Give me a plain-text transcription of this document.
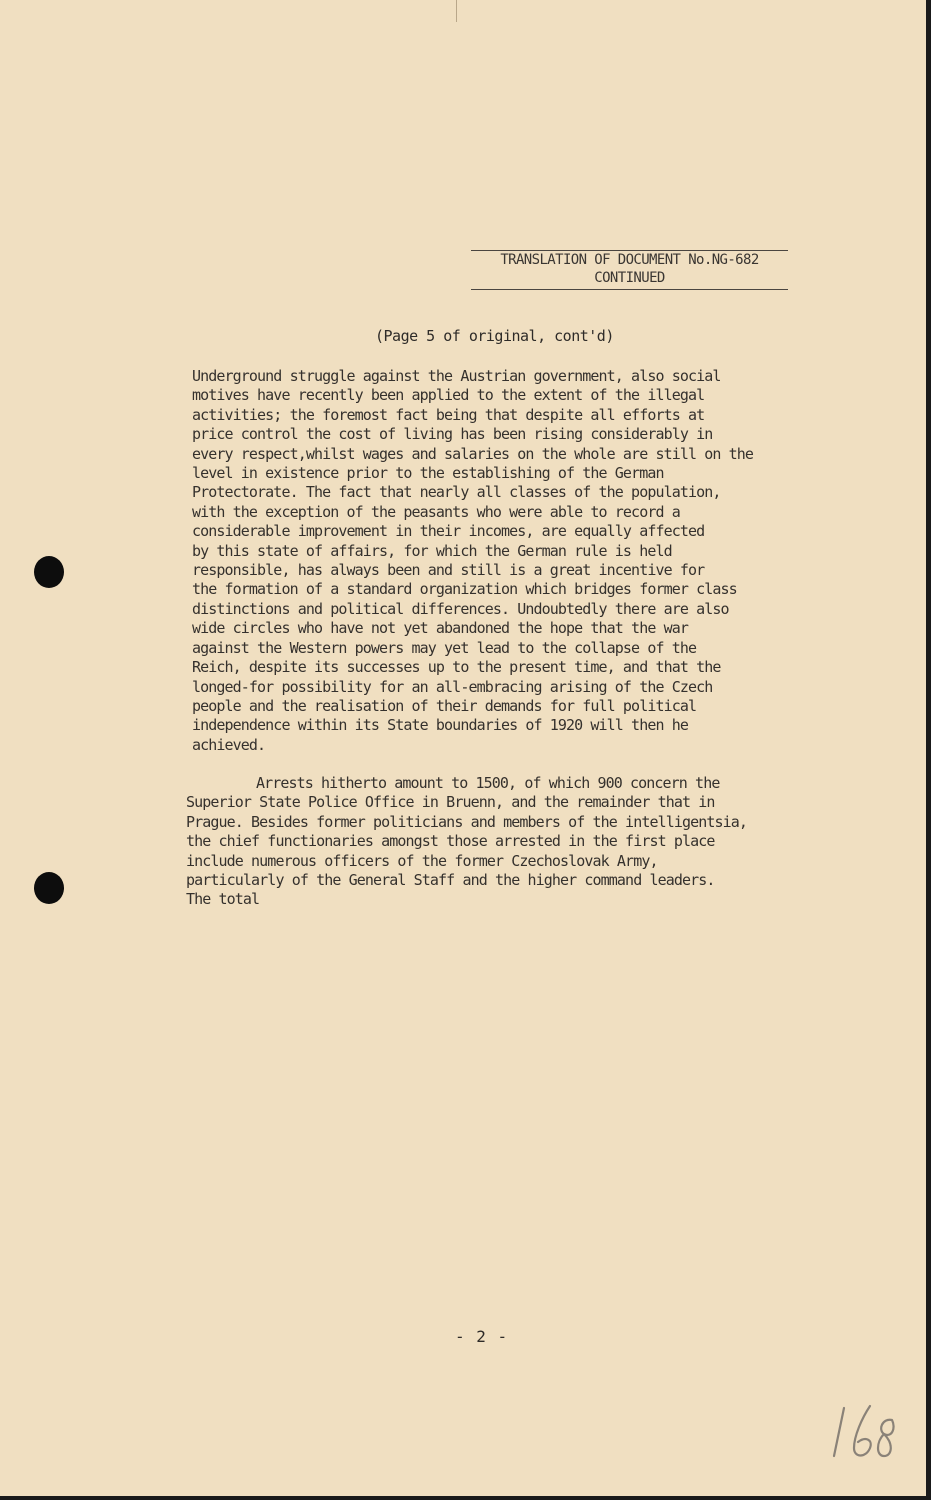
TRANSLATION OF DOCUMENT No.NG-682
CONTINUED
(Page 5 of original, cont'd)
Underground struggle against the Austrian government, also social
motives have recently been applied to the extent of the illegal
activities; the foremost fact being that despite all efforts at
price control the cost of living has been rising considerably in
every respect,whilst wages and salaries on the whole are still on the
level in existence prior to the establishing of the German
Protectorate. The fact that nearly all classes of the population,
with the exception of the peasants who were able to record a
considerable improvement in their incomes, are equally affected
by this state of affairs, for which the German rule is held
responsible, has always been and still is a great incentive for
the formation of a standard organization which bridges former class
distinctions and political differences. Undoubtedly there are also
wide circles who have not yet abandoned the hope that the war
against the Western powers may yet lead to the collapse of the
Reich, despite its successes up to the present time, and that the
longed-for possibility for an all-embracing arising of the Czech
people and the realisation of their demands for full political
independence within its State boundaries of 1920 will then he
achieved.
Arrests hitherto amount to 1500, of which 900 concern the
Superior State Police Office in Bruenn, and the remainder that in
Prague. Besides former politicians and members of the intelligentsia,
the chief functionaries amongst those arrested in the first place
include numerous officers of the former Czechoslovak Army,
particularly of the General Staff and the higher command leaders.
The total
- 2 -
